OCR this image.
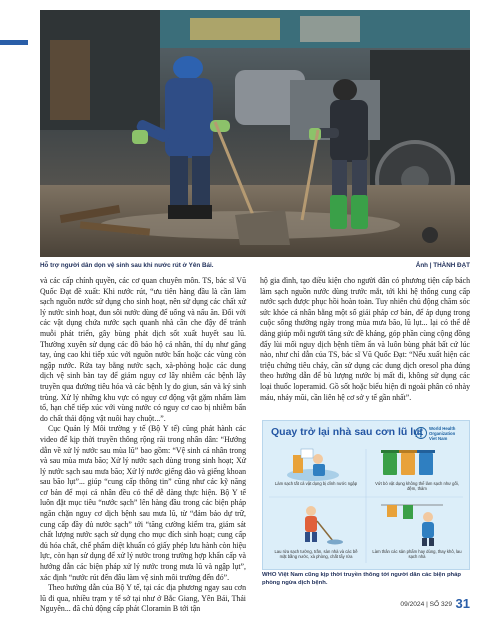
Hỗ trợ người dân dọn vệ sinh sau khi nước rút ở Yên Bái.	Ảnh | THÀNH ĐẠT

và các cấp chính quyền, các cơ quan chuyên môn. TS, bác sĩ Vũ Quốc Đạt đề xuất: Khi nước rút, “ưu tiên hàng đầu là cần làm sạch nguồn nước sử dụng cho sinh hoạt, nên sử dụng các chất xử lý nước sinh hoạt, đun sôi nước dùng để uống và nấu ăn. Đối với các vật dụng chứa nước sạch quanh nhà cần che đậy để tránh muỗi phát triển, gây bùng phát dịch sốt xuất huyết sau lũ. Thường xuyên sử dụng các đồ bảo hộ cá nhân, thí dụ như găng tay, ủng cao khi tiếp xúc với nguồn nước bẩn hoặc các vùng còn ngập nước. Rửa tay bằng nước sạch, xà-phòng hoặc các dung dịch vệ sinh bàn tay để giảm nguy cơ lây nhiễm các bệnh lây truyền qua đường tiêu hóa và các bệnh lỵ do giun, sán và ký sinh trùng. Xử lý những khu vực có nguy cơ động vật gặm nhấm làm tổ, hạn chế tiếp xúc với vùng nước có nguy cơ cao bị nhiễm bẩn do chất thải động vật nuôi hay chuột...”.

Cục Quản lý Môi trường y tế (Bộ Y tế) cũng phát hành các video để kịp thời truyền thông rộng rãi trong nhân dân: “Hướng dẫn về xử lý nước sau mùa lũ” bao gồm: “Vệ sinh cá nhân trong và sau mùa mưa bão; Xử lý nước sạch dùng trong sinh hoạt; Xử lý nước sạch sau mưa bão; Xử lý nước giếng đào và giếng khoan sau bão lụt”... giúp “cung cấp thông tin” cũng như các kỹ năng cơ bản để mọi cá nhân đều có thể dễ dàng thực hiện. Bộ Y tế luôn đặt mục tiêu “nước sạch” lên hàng đầu trong các biện pháp ngăn chặn nguy cơ dịch bệnh sau mưa lũ, từ “đảm bảo dự trữ, cung cấp đầy đủ nước sạch” tới “tăng cường kiểm tra, giám sát chất lượng nước sạch sử dụng cho mục đích sinh hoạt; cung cấp đủ hóa chất, chế phẩm diệt khuẩn có giấy phép lưu hành còn hiệu lực, còn hạn sử dụng để xử lý nước trong trường hợp khẩn cấp và hướng dẫn các biện pháp xử lý nước trong mưa lũ và ngập lụt”, xác định “nước rút đến đâu làm vệ sinh môi trường đến đó”.

Theo hướng dẫn của Bộ Y tế, tại các địa phương ngay sau cơn lũ đi qua, nhiều trạm y tế sở tại như ở Bắc Giang, Yên Bái, Thái Nguyên... đã chủ động cấp phát Cloramin B tới tận

hộ gia đình, tạo điều kiện cho người dân có phương tiện cấp bách làm sạch nguồn nước dùng trước mắt, tới khi hệ thống cung cấp nước sạch được phục hồi hoàn toàn. Tuy nhiên chủ động chăm sóc sức khỏe cá nhân bằng một số giải pháp cơ bản, để áp dụng trong cuộc sống thường ngày trong mùa mưa bão, lũ lụt... lại có thể dễ dàng giúp mỗi người tăng sức đề kháng, góp phần cùng cộng đồng đẩy lùi mối nguy dịch bệnh tiềm ẩn và luôn bùng phát bất cứ lúc nào, như chỉ dẫn của TS, bác sĩ Vũ Quốc Đạt: “Nếu xuất hiện các triệu chứng tiêu chảy, cần sử dụng các dung dịch oresol pha đúng theo hướng dẫn để bù lượng nước bị mất đi, không sử dụng các loại thuốc loperamid. Gồ sốt hoặc biểu hiện đi ngoài phân có nhày máu, nháy mũi, cần liên hệ cơ sở y tế gần nhất”.

Quay trở lại nhà sau cơn lũ lụt World Health Organization
Viet Nam
Làm sạch tất cả vật dụng bị dính nước ngập	Vứt bỏ vật dụng không thể làm sạch như gối, đệm, thảm
Lau rửa sạch tường, trần, sàn nhà và các bề mặt bằng nước, xà phòng, chất tẩy rửa
Làm thân các sản phẩm hay dùng, thay khô, lau sạch nhà
WHO Việt Nam cũng kịp thời truyền thông tới người dân các biện pháp phòng ngừa dịch bệnh.
09/2024 | SỐ 329 31
